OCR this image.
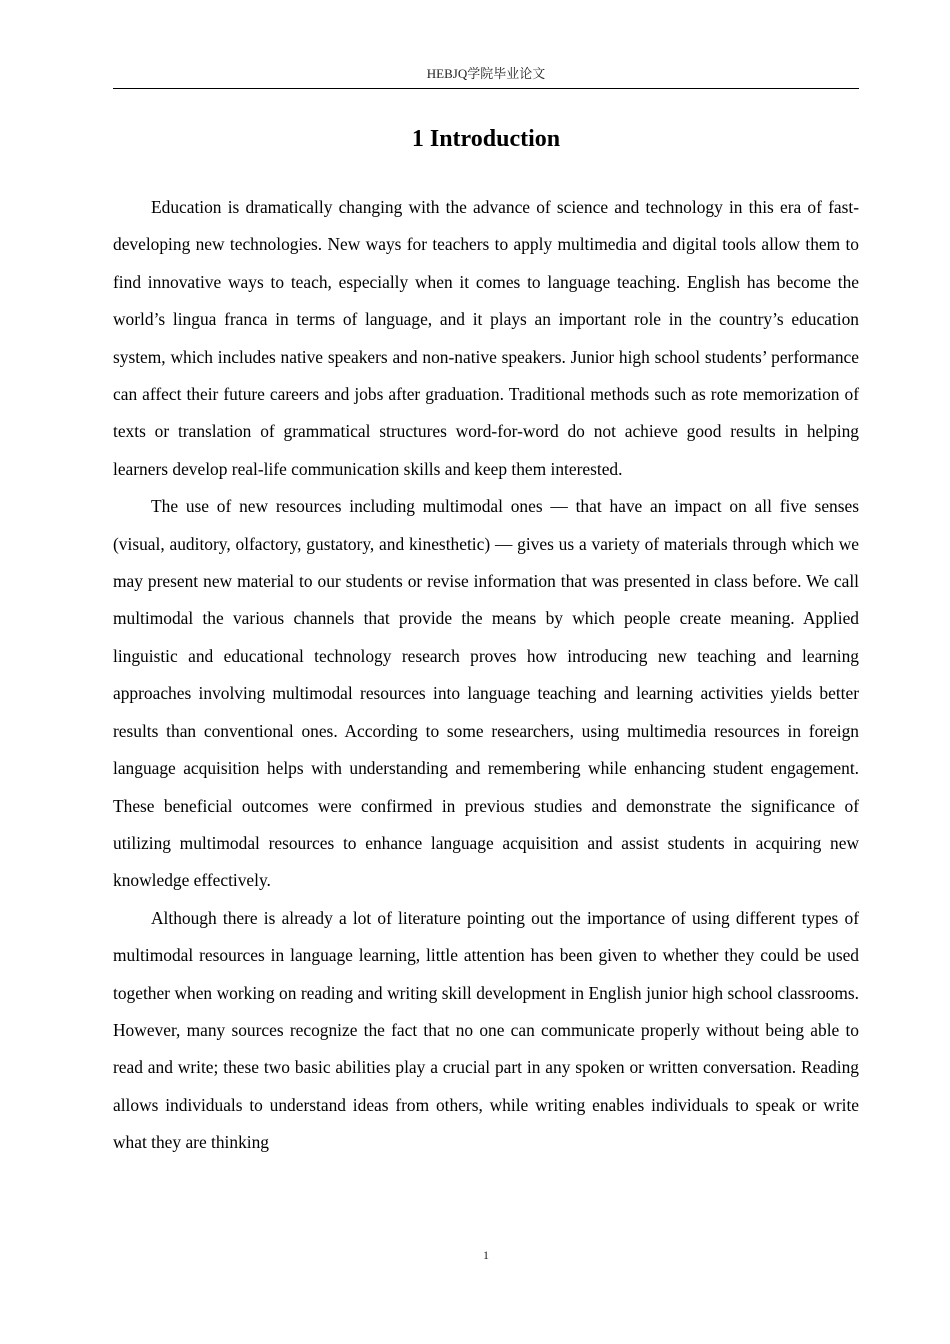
HEBJQ学院毕业论文
1 Introduction

Education is dramatically changing with the advance of science and technology in this era of fast-developing new technologies. New ways for teachers to apply multimedia and digital tools allow them to find innovative ways to teach, especially when it comes to language teaching. English has become the world’s lingua franca in terms of language, and it plays an important role in the country’s education system, which includes native speakers and non-native speakers. Junior high school students’ performance can affect their future careers and jobs after graduation. Traditional methods such as rote memorization of texts or translation of grammatical structures word-for-word do not achieve good results in helping learners develop real-life communication skills and keep them interested.

The use of new resources including multimodal ones — that have an impact on all five senses (visual, auditory, olfactory, gustatory, and kinesthetic) — gives us a variety of materials through which we may present new material to our students or revise information that was presented in class before. We call multimodal the various channels that provide the means by which people create meaning. Applied linguistic and educational technology research proves how introducing new teaching and learning approaches involving multimodal resources into language teaching and learning activities yields better results than conventional ones. According to some researchers, using multimedia resources in foreign language acquisition helps with understanding and remembering while enhancing student engagement. These beneficial outcomes were confirmed in previous studies and demonstrate the significance of utilizing multimodal resources to enhance language acquisition and assist students in acquiring new knowledge effectively.

Although there is already a lot of literature pointing out the importance of using different types of multimodal resources in language learning, little attention has been given to whether they could be used together when working on reading and writing skill development in English junior high school classrooms. However, many sources recognize the fact that no one can communicate properly without being able to read and write; these two basic abilities play a crucial part in any spoken or written conversation. Reading allows individuals to understand ideas from others, while writing enables individuals to speak or write what they are thinking

1
